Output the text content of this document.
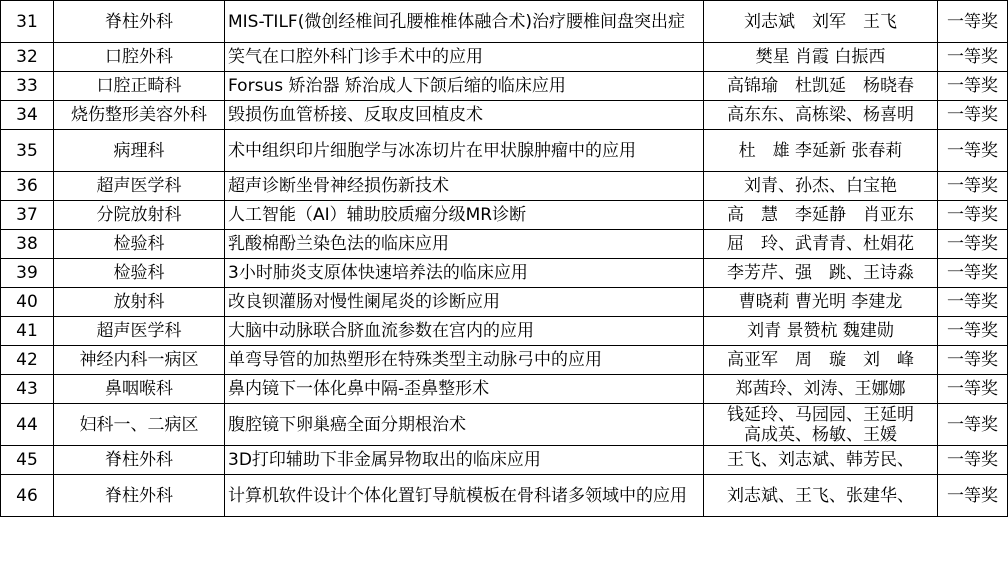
31	脊柱外科	MIS-TILF(微创经椎间孔腰椎椎体融合术)治疗腰椎间盘突出症	刘志斌　刘军　王飞	一等奖
32	口腔外科	笑气在口腔外科门诊手术中的应用	樊星 肖霞 白振西	一等奖
33	口腔正畸科	Forsus 矫治器 矫治成人下颌后缩的临床应用	高锦瑜　杜凯延　杨晓春	一等奖
34	烧伤整形美容外科	毁损伤血管桥接、反取皮回植皮术	高东东、高栋梁、杨喜明	一等奖
35	病理科	术中组织印片细胞学与冰冻切片在甲状腺肿瘤中的应用	杜　雄 李延新 张春莉	一等奖
36	超声医学科	超声诊断坐骨神经损伤新技术	刘青、孙杰、白宝艳	一等奖
37	分院放射科	人工智能（AI）辅助胶质瘤分级MR诊断	高　慧　李延静　肖亚东	一等奖
38	检验科	乳酸棉酚兰染色法的临床应用	屈　玲、武青青、杜娟花	一等奖
39	检验科	3小时肺炎支原体快速培养法的临床应用	李芳芹、强　跳、王诗淼	一等奖
40	放射科	改良钡灌肠对慢性阑尾炎的诊断应用	曹晓莉 曹光明 李建龙	一等奖
41	超声医学科	大脑中动脉联合脐血流参数在宫内的应用	刘青 景赞杭 魏建勋	一等奖
42	神经内科一病区	单弯导管的加热塑形在特殊类型主动脉弓中的应用	高亚军　周　璇　刘　峰	一等奖
43	鼻咽喉科	鼻内镜下一体化鼻中隔-歪鼻整形术	郑茜玲、刘涛、王娜娜	一等奖
44	妇科一、二病区	腹腔镜下卵巢癌全面分期根治术	钱延玲、马园园、王延明
高成英、杨敏、王媛	一等奖
45	脊柱外科	3D打印辅助下非金属异物取出的临床应用	王飞、刘志斌、韩芳民、	一等奖
46	脊柱外科	计算机软件设计个体化置钉导航模板在骨科诸多领域中的应用	刘志斌、王飞、张建华、	一等奖
